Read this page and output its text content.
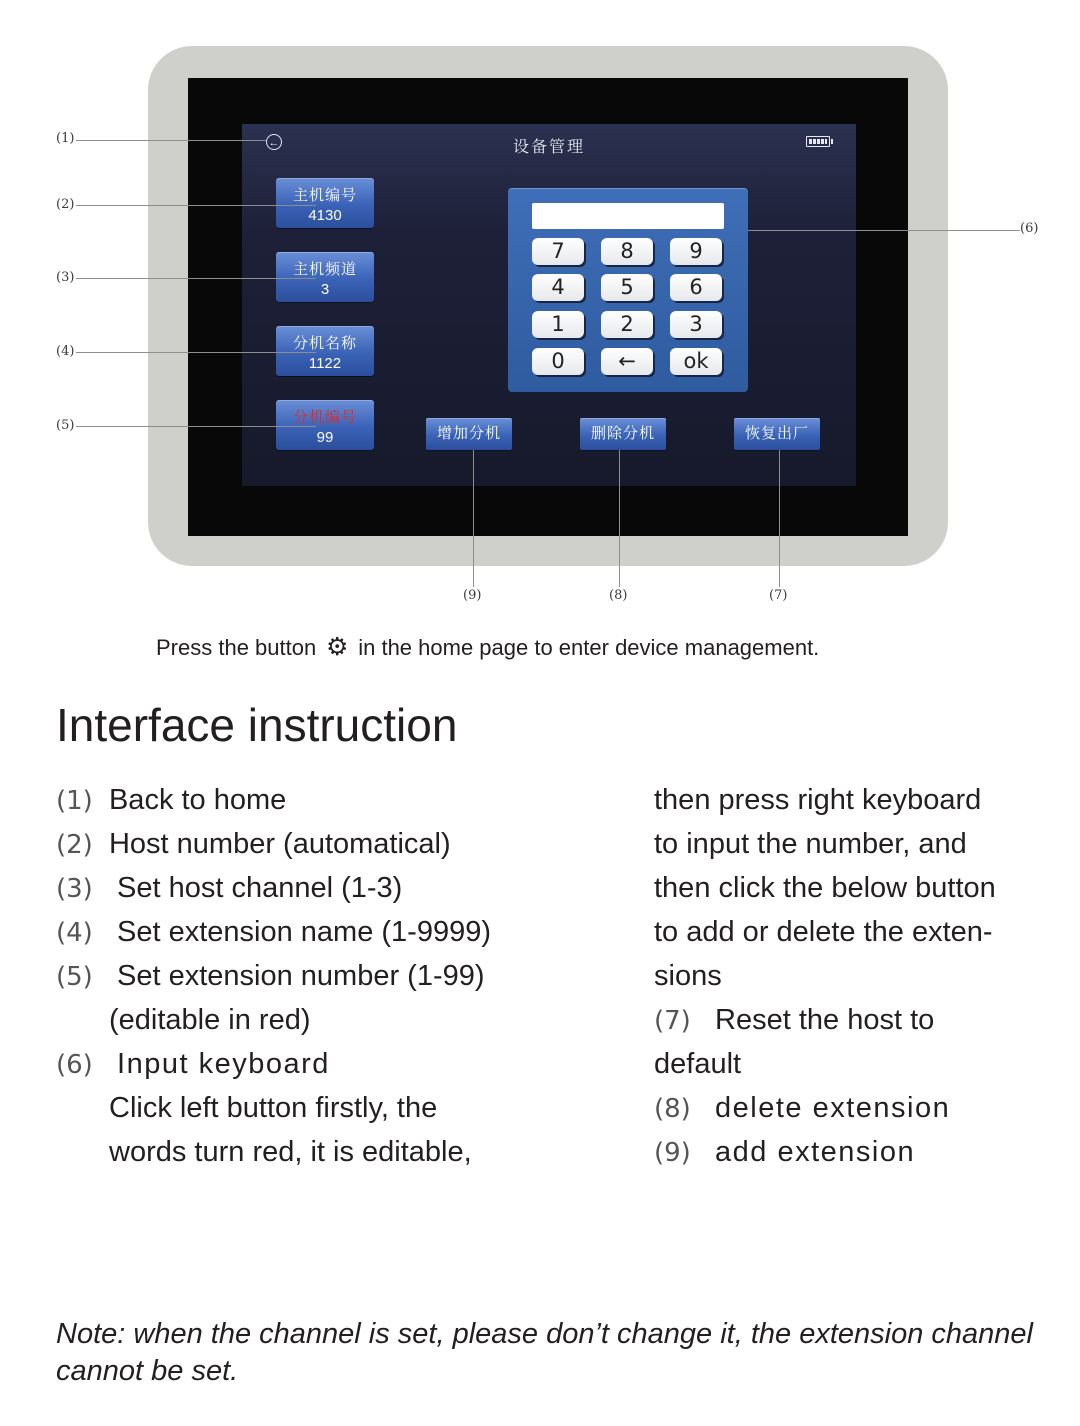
←	设备管理
主机编号
4130
主机频道
3
分机名称
1122
分机编号
99
7	8	9
4	5	6
1	2	3
0	←	ok
增加分机	删除分机	恢复出厂
(1)
(2)
(3)
(4)
(5)
(6)
(7)
(8)
(9)
Press the button ⚙ in the home page to enter device management.
Interface instruction
(1) Back to home
(2) Host number (automatical)
(3) Set host channel (1-3)
(4) Set extension name (1-9999)
(5) Set extension number (1-99)
(editable in red)
(6) Input keyboard
Click left button firstly, the
words turn red, it is editable,
then press right keyboard
to input the number, and
then click the below button
to add or delete the exten-
sions
(7) Reset the host to
default
(8) delete extension
(9) add extension
Note: when the channel is set, please don’t change it, the extension channel cannot be set.
